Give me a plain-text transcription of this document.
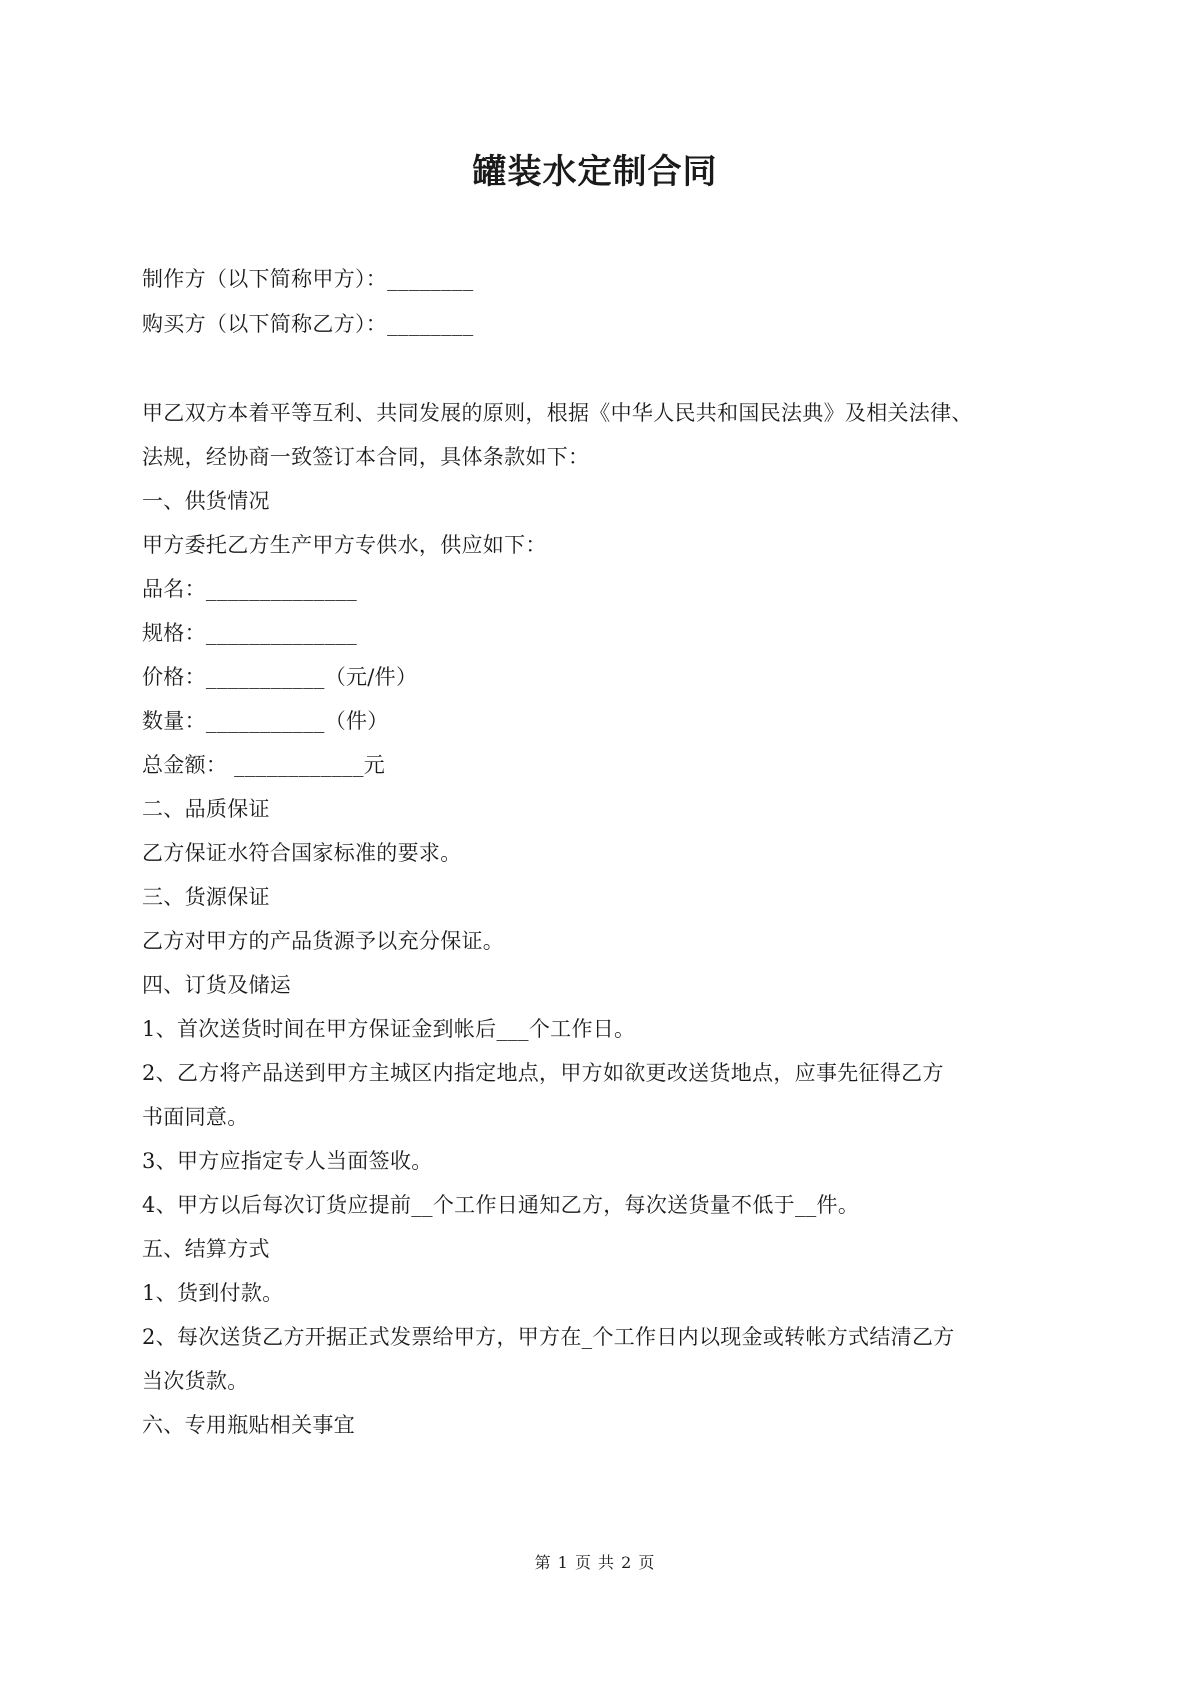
罐装水定制合同
制作方（以下简称甲方）：________
购买方（以下简称乙方）：________
甲乙双方本着平等互利、共同发展的原则，根据《中华人民共和国民法典》及相关法律、
法规，经协商一致签订本合同，具体条款如下：
一、供货情况
甲方委托乙方生产甲方专供水，供应如下：
品名：______________
规格：______________
价格：___________（元/件）
数量：___________（件）
总金额： ____________元
二、品质保证
乙方保证水符合国家标准的要求。
三、货源保证
乙方对甲方的产品货源予以充分保证。
四、订货及储运
1、首次送货时间在甲方保证金到帐后___个工作日。
2、乙方将产品送到甲方主城区内指定地点，甲方如欲更改送货地点，应事先征得乙方
书面同意。
3、甲方应指定专人当面签收。
4、甲方以后每次订货应提前__个工作日通知乙方，每次送货量不低于__件。
五、结算方式
1、货到付款。
2、每次送货乙方开据正式发票给甲方，甲方在_个工作日内以现金或转帐方式结清乙方
当次货款。
六、专用瓶贴相关事宜
第 1 页 共 2 页
